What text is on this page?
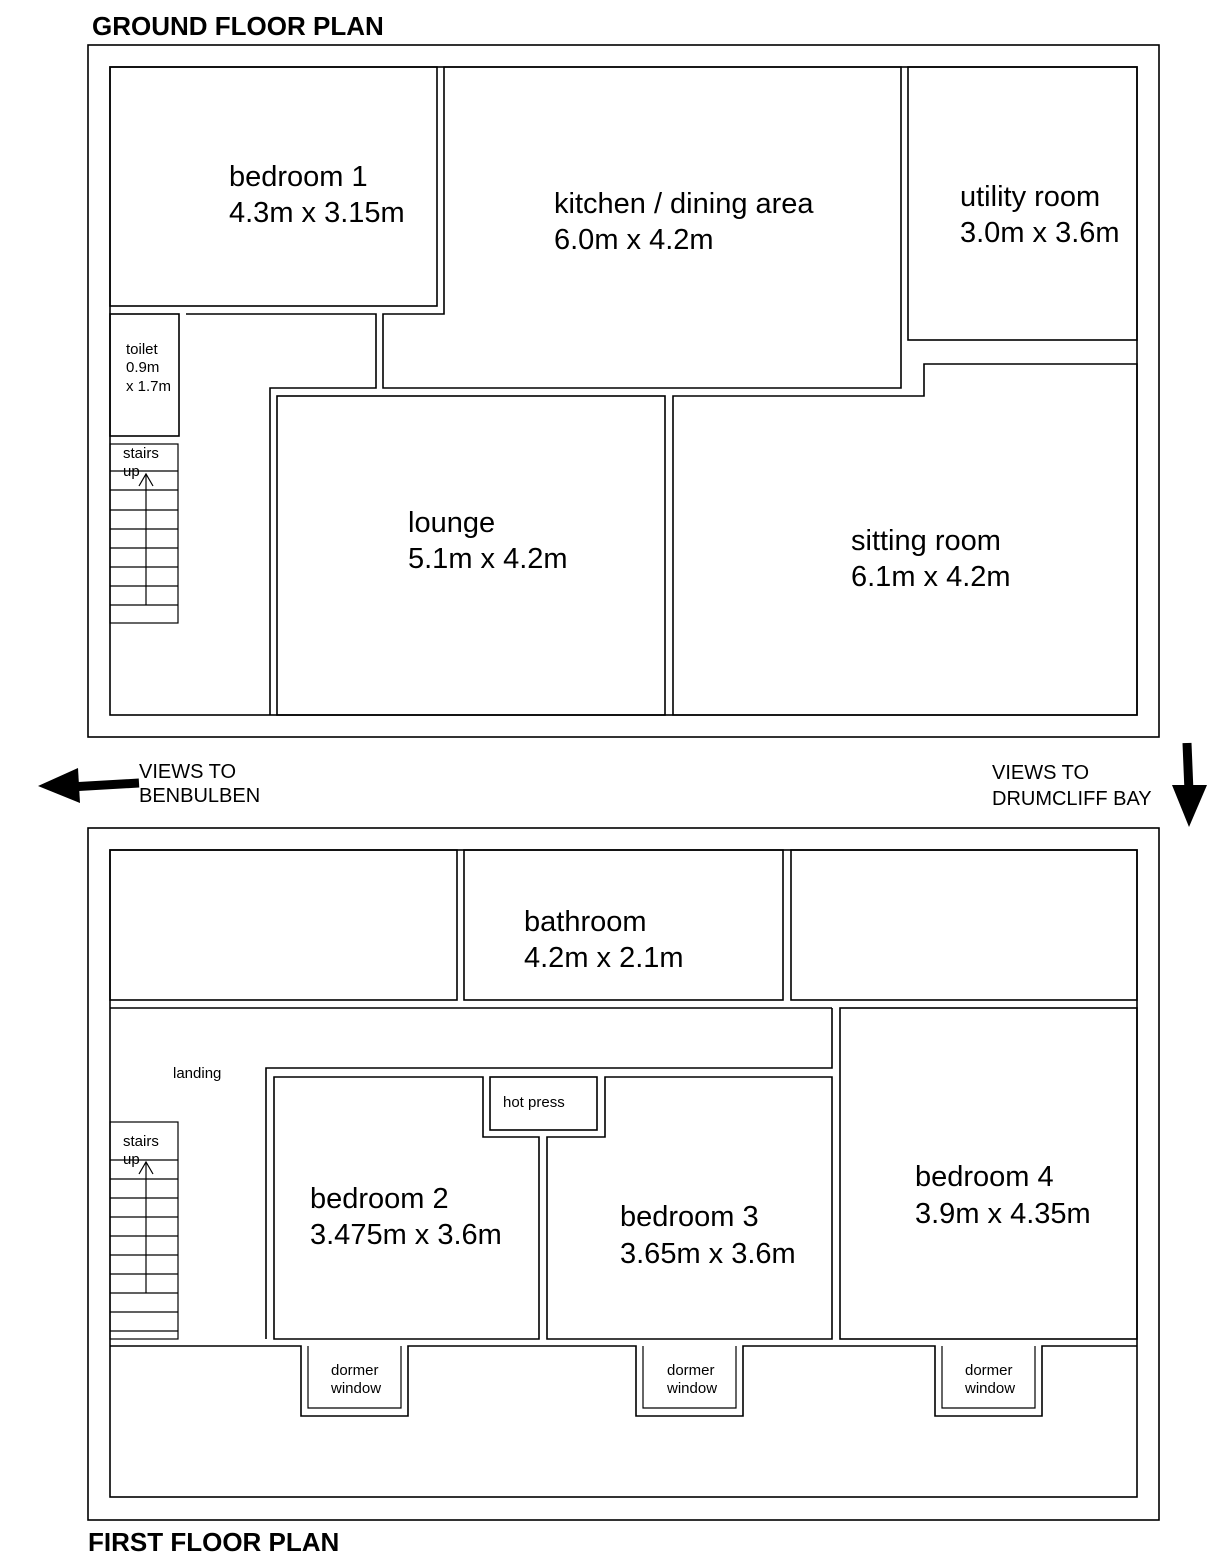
GROUND FLOOR PLAN
bedroom 1
4.3m x 3.15m	kitchen / dining area
6.0m x 4.2m
utility room
3.0m x 3.6m
toilet
0.9m
x 1.7m
stairs
up
lounge
5.1m x 4.2m
sitting room
6.1m x 4.2m
VIEWS TO
BENBULBEN
VIEWS TO
DRUMCLIFF BAY
bathroom
4.2m x 2.1m
landing
hot press
stairs
up
bedroom 2
3.475m x 3.6m
bedroom 3
3.65m x 3.6m
bedroom 4
3.9m x 4.35m
dormer
window
dormer
window
dormer
window
FIRST FLOOR PLAN
